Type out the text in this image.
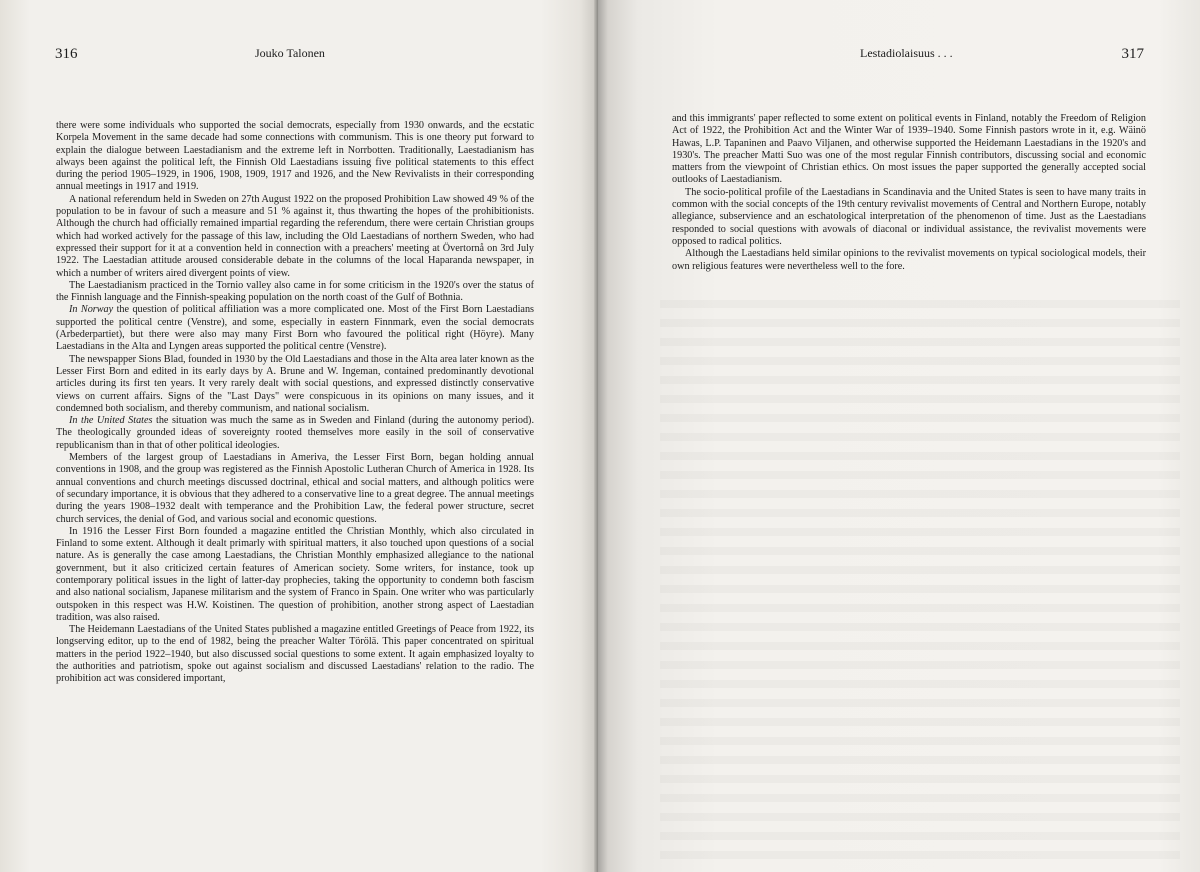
316	Jouko Talonen

there were some individuals who supported the social democrats, especially from 1930 onwards, and the ecstatic Korpela Movement in the same decade had some connections with communism. This is one theory put forward to explain the dialogue between Laestadianism and the extreme left in Norrbotten. Traditionally, Laestadianism has always been against the political left, the Finnish Old Laestadians issuing five political statements to this effect during the period 1905–1929, in 1906, 1908, 1909, 1917 and 1926, and the New Revivalists in their corresponding annual meetings in 1917 and 1919.

A national referendum held in Sweden on 27th August 1922 on the proposed Prohibition Law showed 49 % of the population to be in favour of such a measure and 51 % against it, thus thwarting the hopes of the prohibitionists. Although the church had officially remained impartial regarding the referendum, there were certain Christian groups which had worked actively for the passage of this law, including the Old Laestadians of northern Sweden, who had expressed their support for it at a convention held in connection with a preachers' meeting at Övertornå on 3rd July 1922. The Laestadian attitude aroused considerable debate in the columns of the local Haparanda newspaper, in which a number of writers aired divergent points of view.

The Laestadianism practiced in the Tornio valley also came in for some criticism in the 1920's over the status of the Finnish language and the Finnish-speaking population on the north coast of the Gulf of Bothnia.

In Norway the question of political affiliation was a more complicated one. Most of the First Born Laestadians supported the political centre (Venstre), and some, especially in eastern Finnmark, even the social democrats (Arbederpartiet), but there were also may many First Born who favoured the political right (Höyre). Many Laestadians in the Alta and Lyngen areas supported the political centre (Venstre).

The newspapper Sions Blad, founded in 1930 by the Old Laestadians and those in the Alta area later known as the Lesser First Born and edited in its early days by A. Brune and W. Ingeman, contained predominantly devotional articles during its first ten years. It very rarely dealt with social questions, and expressed distinctly conservative views on current affairs. Signs of the "Last Days" were conspicuous in its opinions on many issues, and it condemned both socialism, and thereby communism, and national socialism.

In the United States the situation was much the same as in Sweden and Finland (during the autonomy period). The theologically grounded ideas of sovereignty rooted themselves more easily in the soil of conservative republicanism than in that of other political ideologies.

Members of the largest group of Laestadians in Ameriva, the Lesser First Born, began holding annual conventions in 1908, and the group was registered as the Finnish Apostolic Lutheran Church of America in 1928. Its annual conventions and church meetings discussed doctrinal, ethical and social matters, and although politics were of secundary importance, it is obvious that they adhered to a conservative line to a great degree. The annual meetings during the years 1908–1932 dealt with temperance and the Prohibition Law, the federal power structure, secret church services, the denial of God, and various social and economic questions.

In 1916 the Lesser First Born founded a magazine entitled the Christian Monthly, which also circulated in Finland to some extent. Although it dealt primarly with spiritual matters, it also touched upon questions of a social nature. As is generally the case among Laestadians, the Christian Monthly emphasized allegiance to the national government, but it also criticized certain features of American society. Some writers, for instance, took up contemporary political issues in the light of latter-day prophecies, taking the opportunity to condemn both fascism and also national socialism, Japanese militarism and the system of Franco in Spain. One writer who was particularly outspoken in this respect was H.W. Koistinen. The question of prohibition, another strong aspect of Laestadian tradition, was also raised.

The Heidemann Laestadians of the United States published a magazine entitled Greetings of Peace from 1922, its longserving editor, up to the end of 1982, being the preacher Walter Törölä. This paper concentrated on spiritual matters in the period 1922–1940, but also discussed social questions to some extent. It again emphasized loyalty to the authorities and patriotism, spoke out against socialism and discussed Laestadians' relation to the radio. The prohibition act was considered important,

Lestadiolaisuus . . .	317

and this immigrants' paper reflected to some extent on political events in Finland, notably the Freedom of Religion Act of 1922, the Prohibition Act and the Winter War of 1939–1940. Some Finnish pastors wrote in it, e.g. Wäinö Hawas, L.P. Tapaninen and Paavo Viljanen, and otherwise supported the Heidemann Laestadians in the 1920's and 1930's. The preacher Matti Suo was one of the most regular Finnish contributors, discussing social and economic matters from the viewpoint of Christian ethics. On most issues the paper supported the generally accepted social outlooks of Laestadianism.

The socio-political profile of the Laestadians in Scandinavia and the United States is seen to have many traits in common with the social concepts of the 19th century revivalist movements of Central and Northern Europe, notably allegiance, subservience and an eschatological interpretation of the phenomenon of time. Just as the Laestadians responded to social questions with avowals of diaconal or individual assistance, the revivalist movements were opposed to radical politics.

Although the Laestadians held similar opinions to the revivalist movements on typical sociological models, their own religious features were nevertheless well to the fore.
